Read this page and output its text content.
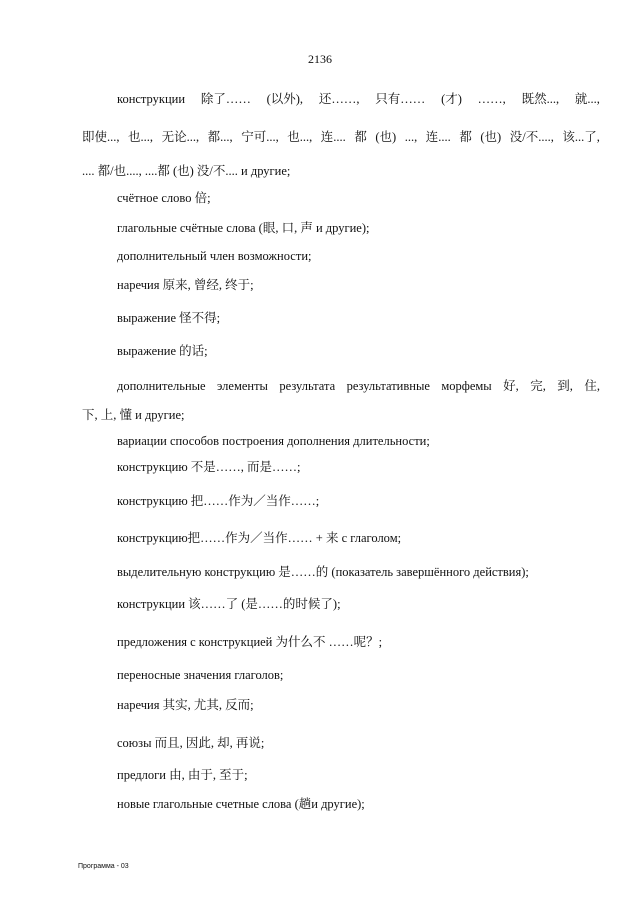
2136
конструкции 除了…… (以外), 还……, 只有…… (才) ……, 既然..., 就...,
即使..., 也..., 无论..., 都..., 宁可..., 也..., 连.... 都 (也) ..., 连.... 都 (也) 没/不...., 该...了,
.... 都/也...., ....都 (也) 没/不.... и другие;
счётное слово 倍;
глагольные счётные слова (眼, 口, 声 и другие);
дополнительный член возможности;
наречия 原来, 曾经, 终于;
выражение 怪不得;
выражение 的话;
дополнительные элементы результата результативные морфемы 好, 完, 到, 住,
下, 上, 懂 и другие;
вариации способов построения дополнения длительности;
конструкцию 不是……, 而是……;
конструкцию 把……作为／当作……;
конструкцию把……作为／当作…… + 来 с глаголом;
выделительную конструкцию 是……的 (показатель завершённого действия);
конструкции 该……了 (是……的时候了);
предложения с конструкцией 为什么不 ……呢？;
переносные значения глаголов;
наречия 其实, 尤其, 反而;
союзы 而且, 因此, 却, 再说;
предлоги 由, 由于, 至于;
новые глагольные счетные слова (趟и другие);
Программа - 03
